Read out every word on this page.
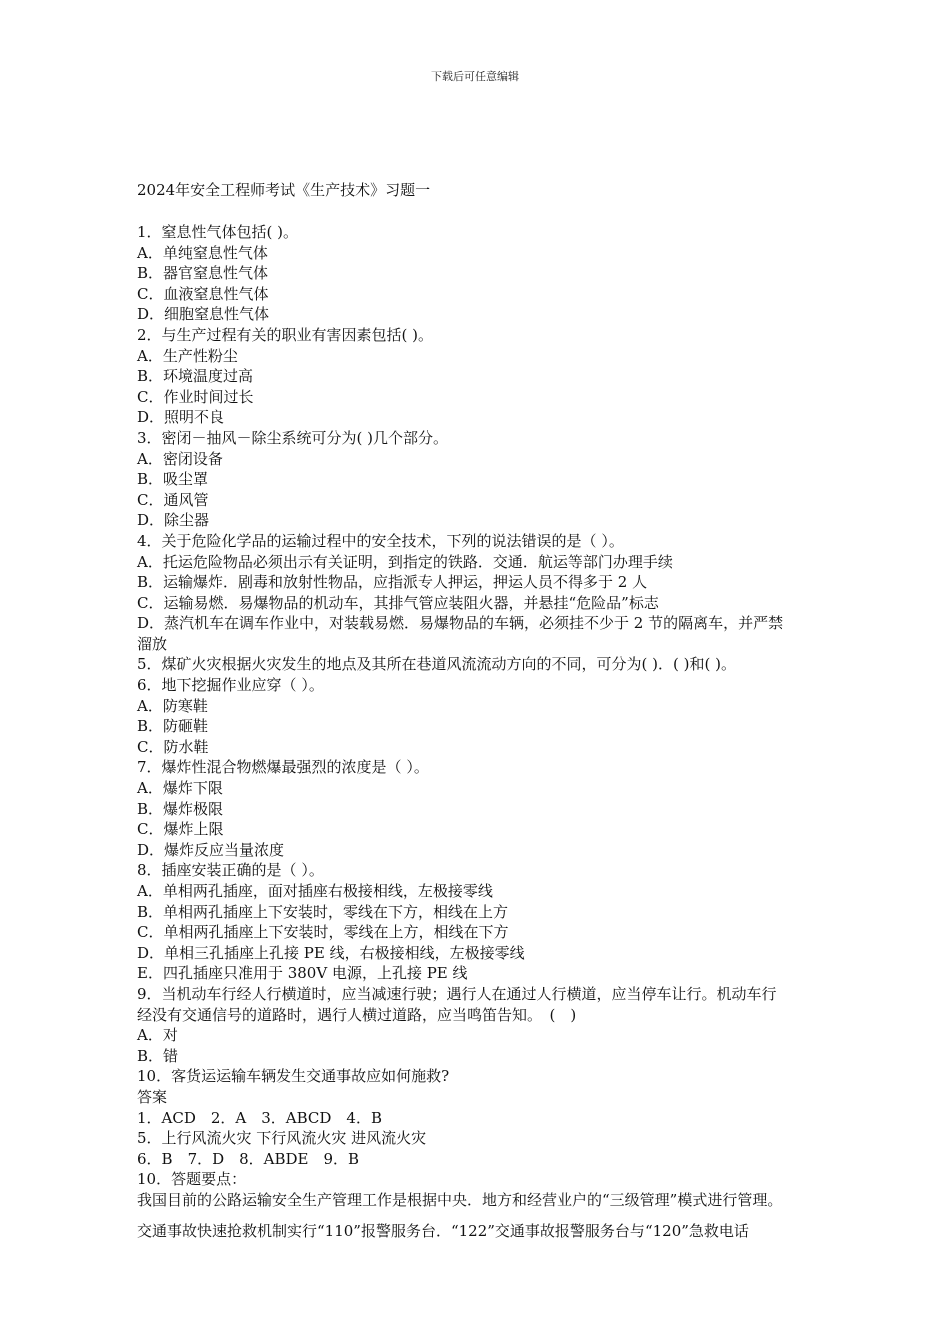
下载后可任意编辑
2024年安全工程师考试《生产技术》习题一
1．窒息性气体包括( )。
A．单纯窒息性气体
B．器官窒息性气体
C．血液窒息性气体
D．细胞窒息性气体
2．与生产过程有关的职业有害因素包括( )。
A．生产性粉尘
B．环境温度过高
C．作业时间过长
D．照明不良
3．密闭－抽风－除尘系统可分为( )几个部分。
A．密闭设备
B．吸尘罩
C．通风管
D．除尘器
4．关于危险化学品的运输过程中的安全技术，下列的说法错误的是（ ）。
A．托运危险物品必须出示有关证明，到指定的铁路．交通．航运等部门办理手续
B．运输爆炸．剧毒和放射性物品，应指派专人押运，押运人员不得多于 2 人
C．运输易燃．易爆物品的机动车，其排气管应装阻火器，并悬挂“危险品”标志
D．蒸汽机车在调车作业中，对装载易燃．易爆物品的车辆，必须挂不少于 2 节的隔离车，并严禁
溜放
5．煤矿火灾根据火灾发生的地点及其所在巷道风流流动方向的不同，可分为( )．( )和( )。
6．地下挖掘作业应穿（ ）。
A．防寒鞋
B．防砸鞋
C．防水鞋
7．爆炸性混合物燃爆最强烈的浓度是（ ）。
A．爆炸下限
B．爆炸极限
C．爆炸上限
D．爆炸反应当量浓度
8．插座安装正确的是（ ）。
A．单相两孔插座，面对插座右极接相线，左极接零线
B．单相两孔插座上下安装时，零线在下方，相线在上方
C．单相两孔插座上下安装时，零线在上方，相线在下方
D．单相三孔插座上孔接 PE 线，右极接相线，左极接零线
E．四孔插座只准用于 380V 电源，上孔接 PE 线
9．当机动车行经人行横道时，应当减速行驶；遇行人在通过人行横道，应当停车让行。机动车行
经没有交通信号的道路时，遇行人横过道路，应当鸣笛告知。　(　)
A．对
B．错
10．客货运运输车辆发生交通事故应如何施救?
答案
1．ACD　2．A　3．ABCD　4．B
5．上行风流火灾 下行风流火灾 进风流火灾
6．B　7．D　8．ABDE　9．B
10．答题要点：
我国目前的公路运输安全生产管理工作是根据中央．地方和经营业户的“三级管理”模式进行管理。
交通事故快速抢救机制实行“110”报警服务台．“122”交通事故报警服务台与“120”急救电话
